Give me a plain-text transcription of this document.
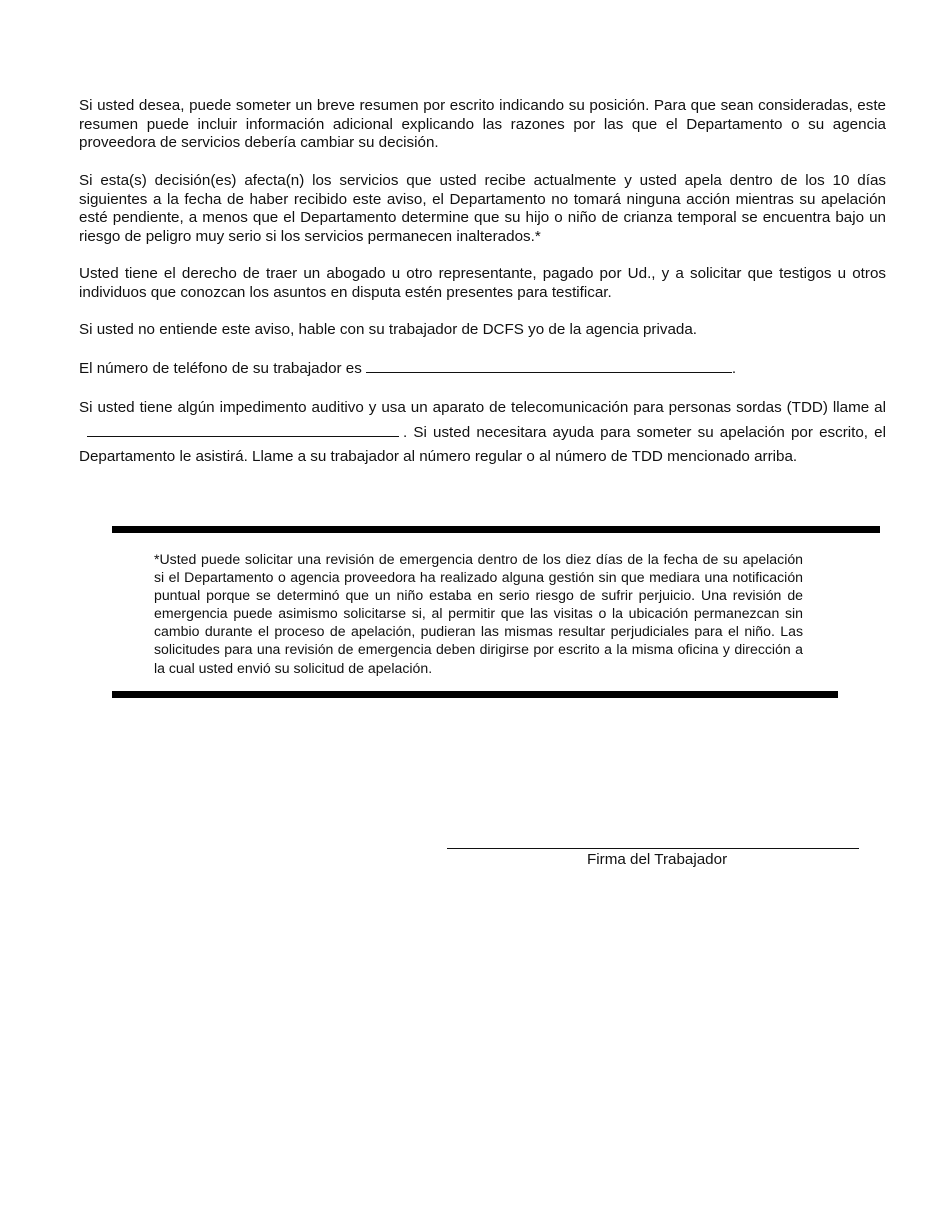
Si usted desea, puede someter un breve resumen por escrito indicando su posición. Para que sean consideradas, este resumen puede incluir información adicional explicando las razones por las que el Departamento o su agencia proveedora de servicios debería cambiar su decisión.

Si esta(s) decisión(es) afecta(n) los servicios que usted recibe actualmente y usted apela dentro de los 10 días siguientes a la fecha de haber recibido este aviso, el Departamento no tomará ninguna acción mientras su apelación esté pendiente, a menos que el Departamento determine que su hijo o niño de crianza temporal se encuentra bajo un riesgo de peligro muy serio si los servicios permanecen inalterados.*

Usted tiene el derecho de traer un abogado u otro representante, pagado por Ud., y a solicitar que testigos u otros individuos que conozcan los asuntos en disputa estén presentes para testificar.

Si usted no entiende este aviso, hable con su trabajador de DCFS yo de la agencia privada.

El número de teléfono de su trabajador es	.

Si usted tiene algún impedimento auditivo y usa un aparato de telecomunicación para personas sordas (TDD) llame al. Si usted necesitara ayuda para someter su apelación por escrito, el Departamento le asistirá. Llame a su trabajador al número regular o al número de TDD mencionado arriba.

*Usted puede solicitar una revisión de emergencia dentro de los diez días de la fecha de su apelación si el Departamento o agencia proveedora ha realizado alguna gestión sin que mediara una notificación puntual porque se determinó que un niño estaba en serio riesgo de sufrir perjuicio. Una revisión de emergencia puede asimismo solicitarse si, al permitir que las visitas o la ubicación permanezcan sin cambio durante el proceso de apelación, pudieran las mismas resultar perjudiciales para el niño. Las solicitudes para una revisión de emergencia deben dirigirse por escrito a la misma oficina y dirección a la cual usted envió su solicitud de apelación.

Firma del Trabajador
